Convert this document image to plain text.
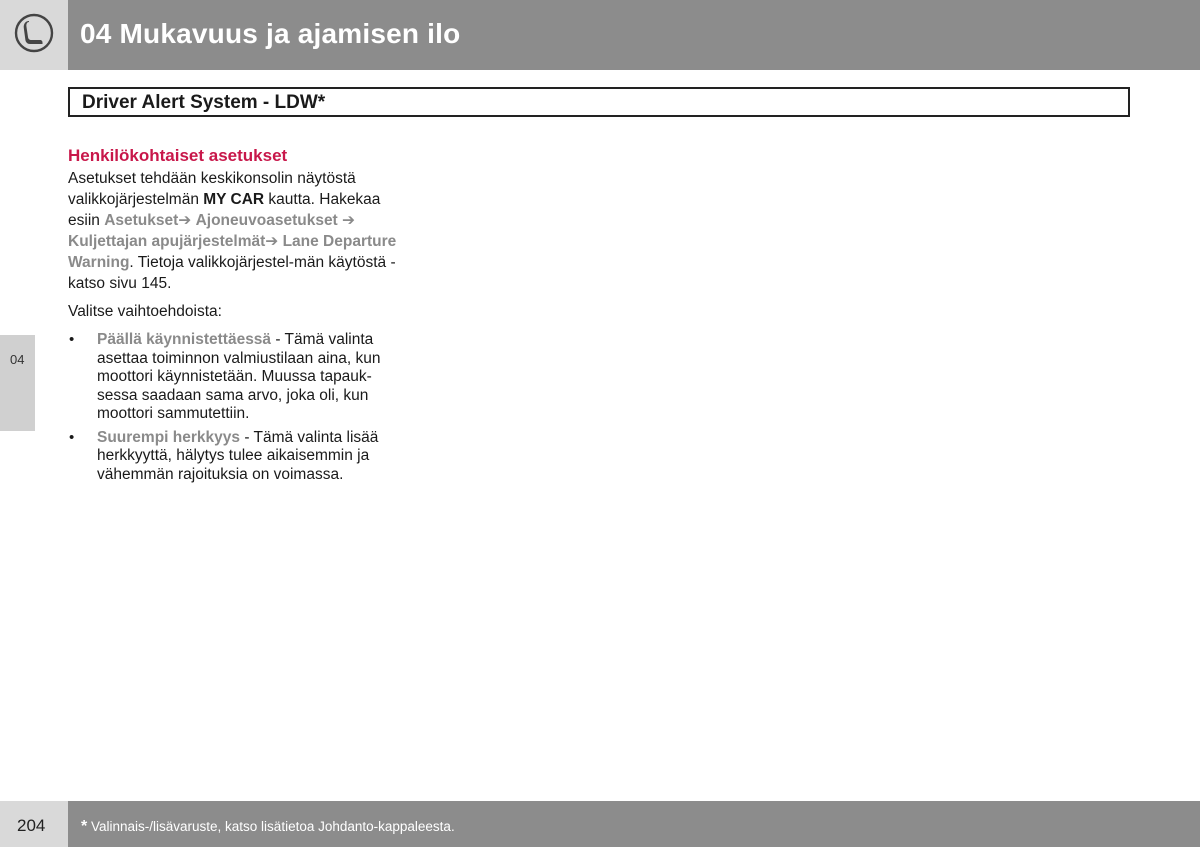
04 Mukavuus ja ajamisen ilo
Driver Alert System - LDW*
04
Henkilökohtaiset asetukset

Asetukset tehdään keskikonsolin näytöstä valikkojärjestelmän MY CAR kautta. Hakekaa esiin Asetukset➔ Ajoneuvoasetukset ➔
Kuljettajan apujärjestelmät➔ Lane Departure Warning. Tietoja valikkojärjestel-män käytöstä - katso sivu 145.

Valitse vaihtoehdoista:

• Päällä käynnistettäessä - Tämä valinta asettaa toiminnon valmiustilaan aina, kun moottori käynnistetään. Muussa tapauk-sessa saadaan sama arvo, joka oli, kun moottori sammutettiin.
• Suurempi herkkyys - Tämä valinta lisää herkkyyttä, hälytys tulee aikaisemmin ja vähemmän rajoituksia on voimassa.
204 * Valinnais-/lisävaruste, katso lisätietoa Johdanto-kappaleesta.
